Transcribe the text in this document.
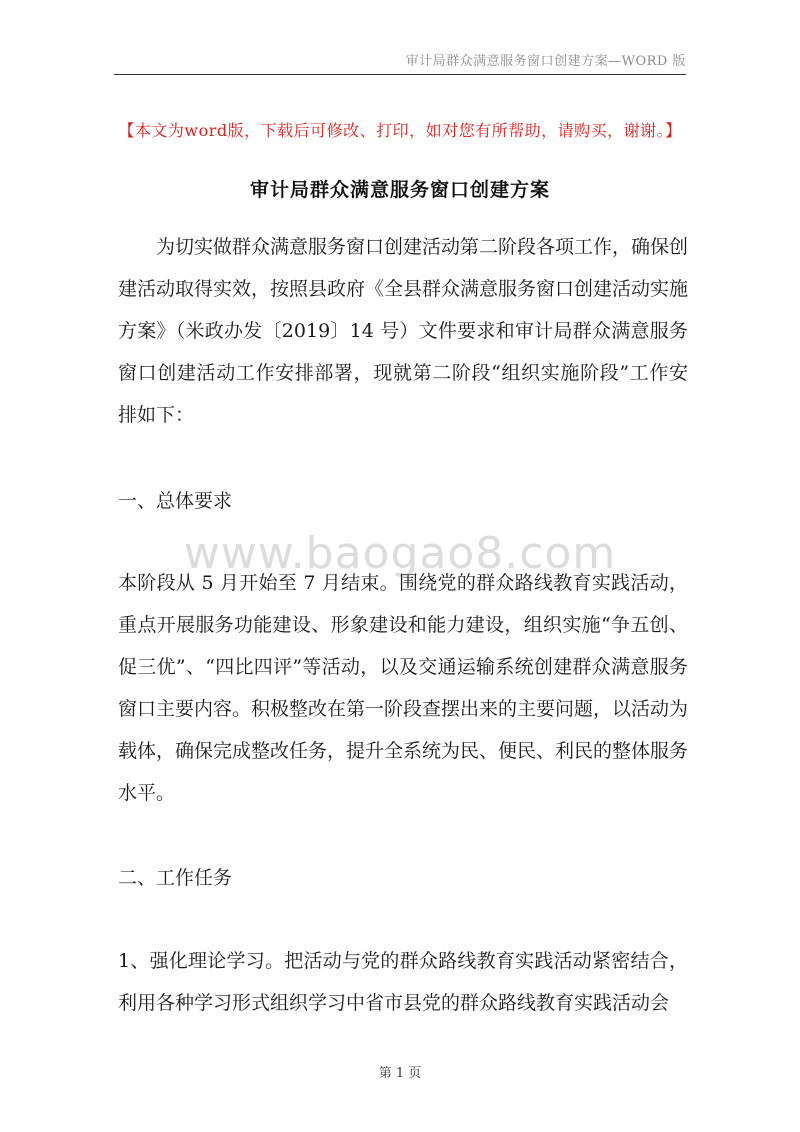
审计局群众满意服务窗口创建方案—WORD 版
【本文为word版，下载后可修改、打印，如对您有所帮助，请购买，谢谢。】
审计局群众满意服务窗口创建方案
为切实做群众满意服务窗口创建活动第二阶段各项工作，确保创建活动取得实效，按照县政府《全县群众满意服务窗口创建活动实施方案》（米政办发〔2019〕14 号）文件要求和审计局群众满意服务窗口创建活动工作安排部署，现就第二阶段“组织实施阶段”工作安排如下：
一、总体要求
www.baogao8.com
本阶段从 5 月开始至 7 月结束。围绕党的群众路线教育实践活动，重点开展服务功能建设、形象建设和能力建设，组织实施“争五创、促三优”、“四比四评”等活动，以及交通运输系统创建群众满意服务窗口主要内容。积极整改在第一阶段查摆出来的主要问题，以活动为载体，确保完成整改任务，提升全系统为民、便民、利民的整体服务水平。
二、工作任务
1、强化理论学习。把活动与党的群众路线教育实践活动紧密结合，利用各种学习形式组织学习中省市县党的群众路线教育实践活动会
第 1 页
